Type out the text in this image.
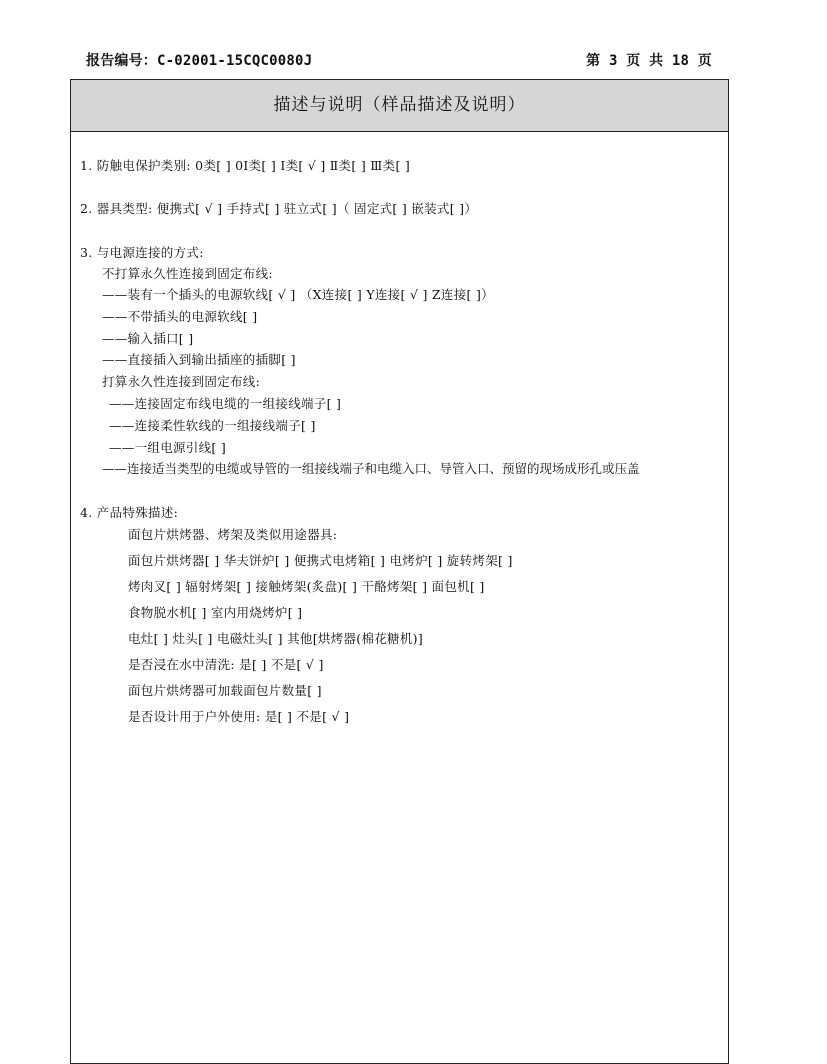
报告编号：C-02001-15CQC0080J	第 3 页 共 18 页
描述与说明（样品描述及说明）
1. 防触电保护类别: 0类[ ] 0Ⅰ类[ ] Ⅰ类[ √ ] Ⅱ类[ ] Ⅲ类[ ]
2. 器具类型: 便携式[ √ ] 手持式[ ] 驻立式[ ]（ 固定式[ ] 嵌装式[ ]）
3. 与电源连接的方式:
不打算永久性连接到固定布线:
——装有一个插头的电源软线[ √ ] （X连接[ ] Y连接[ √ ] Z连接[ ]）
——不带插头的电源软线[ ]
——输入插口[ ]
——直接插入到输出插座的插脚[ ]
打算永久性连接到固定布线:
——连接固定布线电缆的一组接线端子[ ]
——连接柔性软线的一组接线端子[ ]
——一组电源引线[ ]
——连接适当类型的电缆或导管的一组接线端子和电缆入口、导管入口、预留的现场成形孔或压盖
4. 产品特殊描述:
面包片烘烤器、烤架及类似用途器具:
面包片烘烤器[ ] 华夫饼炉[ ] 便携式电烤箱[ ] 电烤炉[ ] 旋转烤架[ ]
烤肉叉[ ] 辐射烤架[ ] 接触烤架(炙盘)[ ] 干酪烤架[ ] 面包机[ ]
食物脱水机[ ] 室内用烧烤炉[ ]
电灶[ ] 灶头[ ] 电磁灶头[ ] 其他[烘烤器(棉花糖机)]
是否浸在水中清洗: 是[ ] 不是[ √ ]
面包片烘烤器可加载面包片数量[ ]
是否设计用于户外使用: 是[ ] 不是[ √ ]
